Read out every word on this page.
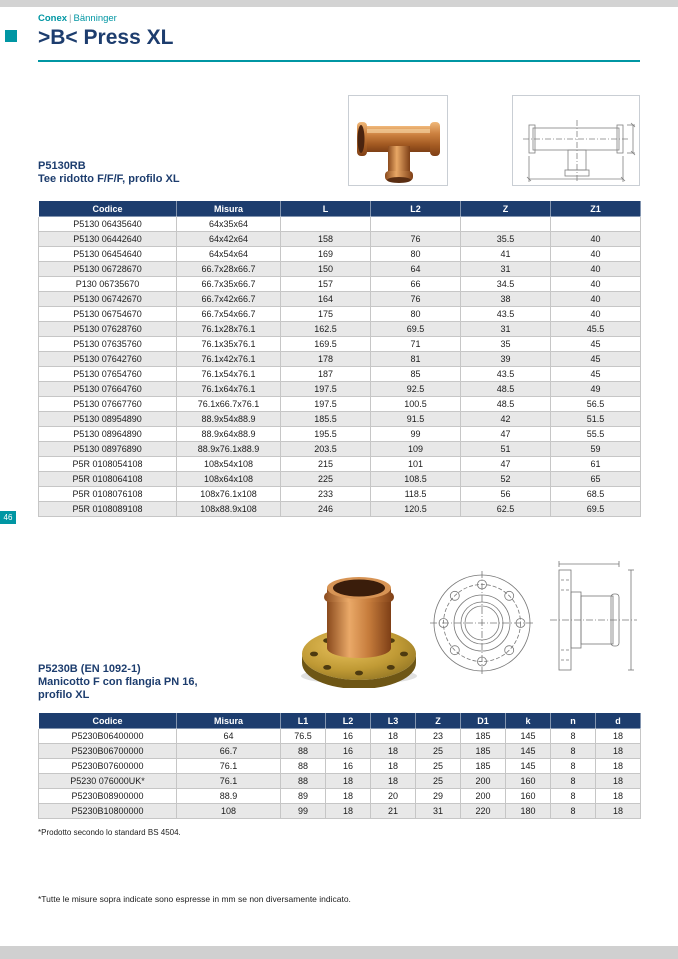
Conex | Bänninger
>B< Press XL
P5130RB
Tee ridotto F/F/F, profilo XL
Codice	Misura	L	L2	Z	Z1
P5130 06435640	64x35x64				
P5130 06442640	64x42x64	158	76	35.5	40
P5130 06454640	64x54x64	169	80	41	40
P5130 06728670	66.7x28x66.7	150	64	31	40
P130 06735670	66.7x35x66.7	157	66	34.5	40
P5130 06742670	66.7x42x66.7	164	76	38	40
P5130 06754670	66.7x54x66.7	175	80	43.5	40
P5130 07628760	76.1x28x76.1	162.5	69.5	31	45.5
P5130 07635760	76.1x35x76.1	169.5	71	35	45
P5130 07642760	76.1x42x76.1	178	81	39	45
P5130 07654760	76.1x54x76.1	187	85	43.5	45
P5130 07664760	76.1x64x76.1	197.5	92.5	48.5	49
P5130 07667760	76.1x66.7x76.1	197.5	100.5	48.5	56.5
P5130 08954890	88.9x54x88.9	185.5	91.5	42	51.5
P5130 08964890	88.9x64x88.9	195.5	99	47	55.5
P5130 08976890	88.9x76.1x88.9	203.5	109	51	59
P5R 0108054108	108x54x108	215	101	47	61
P5R 0108064108	108x64x108	225	108.5	52	65
P5R 0108076108	108x76.1x108	233	118.5	56	68.5
P5R 0108089108	108x88.9x108	246	120.5	62.5	69.5
46
P5230B (EN 1092-1)
Manicotto F con flangia PN 16,
profilo XL
Codice	Misura	L1	L2	L3	Z	D1	k	n	d
P5230B06400000	64	76.5	16	18	23	185	145	8	18
P5230B06700000	66.7	88	16	18	25	185	145	8	18
P5230B07600000	76.1	88	16	18	25	185	145	8	18
P5230 076000UK*	76.1	88	18	18	25	200	160	8	18
P5230B08900000	88.9	89	18	20	29	200	160	8	18
P5230B10800000	108	99	18	21	31	220	180	8	18
*Prodotto secondo lo standard BS 4504.
*Tutte le misure sopra indicate sono espresse in mm se non diversamente indicato.
